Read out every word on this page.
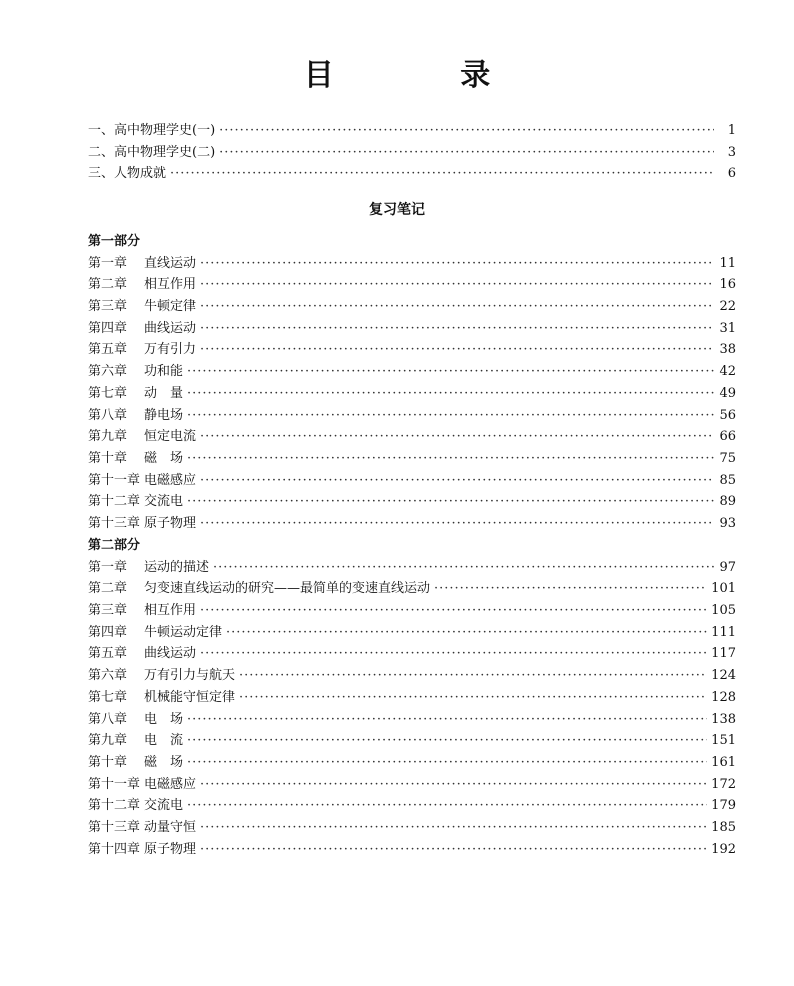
目 录
一、高中物理学史(一) ·····	1
二、高中物理学史(二) ·····	3
三、人物成就 ·····	6
复习笔记
第一部分
第一章 直线运动 ·····	11
第二章 相互作用 ·····	16
第三章 牛顿定律 ·····	22
第四章 曲线运动 ·····	31
第五章 万有引力 ·····	38
第六章 功和能 ·····	42
第七章 动　量 ·····	49
第八章 静电场 ·····	56
第九章 恒定电流 ·····	66
第十章 磁　场 ·····	75
第十一章 电磁感应 ·····	85
第十二章 交流电 ·····	89
第十三章 原子物理 ·····	93
第二部分
第一章 运动的描述 ·····	97
第二章 匀变速直线运动的研究——最简单的变速直线运动 ·····	101
第三章 相互作用 ·····	105
第四章 牛顿运动定律 ·····	111
第五章 曲线运动 ·····	117
第六章 万有引力与航天 ·····	124
第七章 机械能守恒定律 ·····	128
第八章 电　场 ·····	138
第九章 电　流 ·····	151
第十章 磁　场 ·····	161
第十一章 电磁感应 ·····	172
第十二章 交流电 ·····	179
第十三章 动量守恒 ·····	185
第十四章 原子物理 ·····	192
